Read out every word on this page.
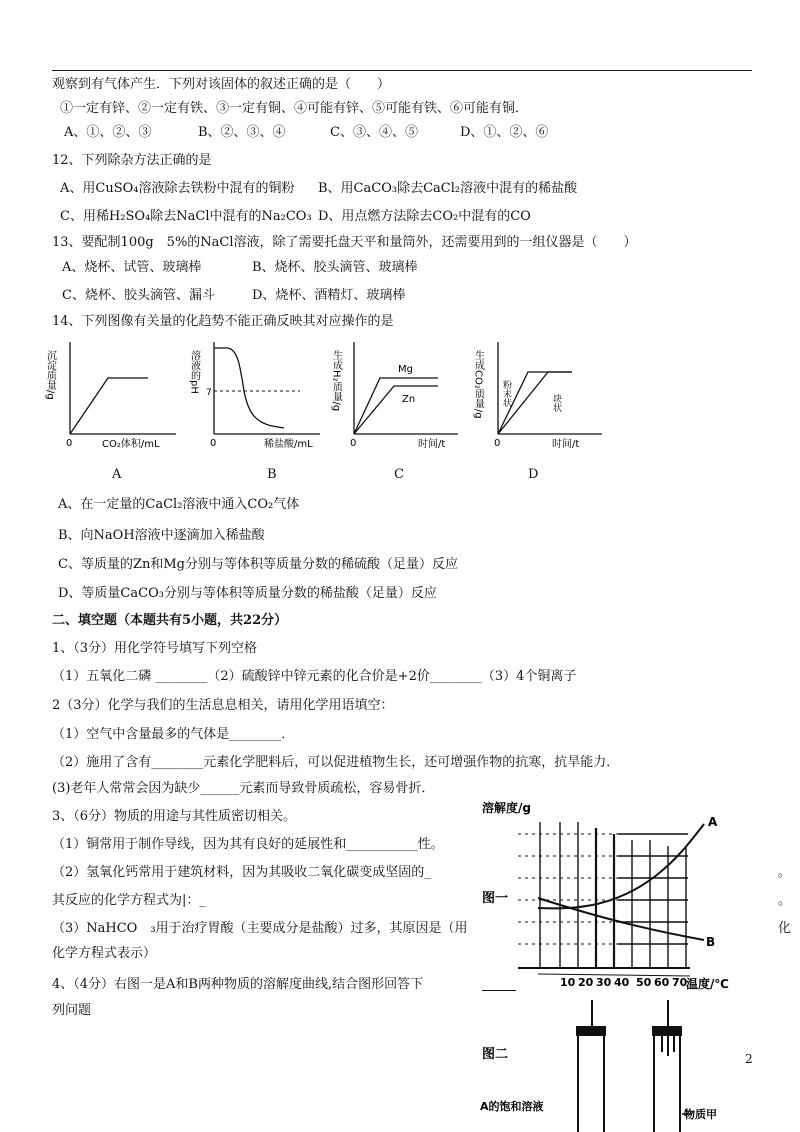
观察到有气体产生．下列对该固体的叙述正确的是（　　）
①一定有锌、②一定有铁、③一定有铜、④可能有锌、⑤可能有铁、⑥可能有铜．
A、①、②、③	B、②、③、④	C、③、④、⑤	D、①、②、⑥
12、下列除杂方法正确的是
A、用CuSO₄溶液除去铁粉中混有的铜粉 B、用CaCO₃除去CaCl₂溶液中混有的稀盐酸
C、用稀H₂SO₄除去NaCl中混有的Na₂CO₃ D、用点燃方法除去CO₂中混有的CO
13、要配制100g　5%的NaCl溶液，除了需要托盘天平和量筒外，还需要用到的一组仪器是（　　）
A、烧杯、试管、玻璃棒	B、烧杯、胶头滴管、玻璃棒
C、烧杯、胶头滴管、漏斗	D、烧杯、酒精灯、玻璃棒
14、下列图像有关量的化趋势不能正确反映其对应操作的是
沉淀质量/g
0	CO₂体积/mL
A
溶液的pH 7
0	稀盐酸/mL
B
生成H₂质量/g	Mg
Zn
0	时间/t
C
生成CO₂质量/g 粉末状	块状
0	时间/t
D
A、在一定量的CaCl₂溶液中通入CO₂气体
B、向NaOH溶液中逐滴加入稀盐酸
C、等质量的Zn和Mg分别与等体积等质量分数的稀硫酸（足量）反应
D、等质量CaCO₃分别与等体积等质量分数的稀盐酸（足量）反应
二、填空题（本题共有5小题，共22分）
1、（3分）用化学符号填写下列空格
（1）五氧化二磷 ________（2）硫酸锌中锌元素的化合价是+2价________（3）4个铜离子
2（3分）化学与我们的生活息息相关，请用化学用语填空：
（1）空气中含量最多的气体是________．
（2）施用了含有________元素化学肥料后，可以促进植物生长，还可增强作物的抗寒，抗旱能力．
(3)老年人常常会因为缺少______元素而导致骨质疏松，容易骨折．
3、（6分）物质的用途与其性质密切相关。
（1）铜常用于制作导线，因为其有良好的延展性和___________性。
（2）氢氧化钙常用于建筑材料，因为其吸收二氧化碳变成坚固的_
其反应的化学方程式为|：_
（3）NaHCO　₃用于治疗胃酸（主要成分是盐酸）过多，其原因是（用
化学方程式表示）
4、（4分）右图一是A和B两种物质的溶解度曲线,结合图形回答下
列问题
。
。
化
溶解度/g
图一
A
B
10 20 30 40 50 60 70
温度/℃
图二
A的饱和溶液
物质甲
2
